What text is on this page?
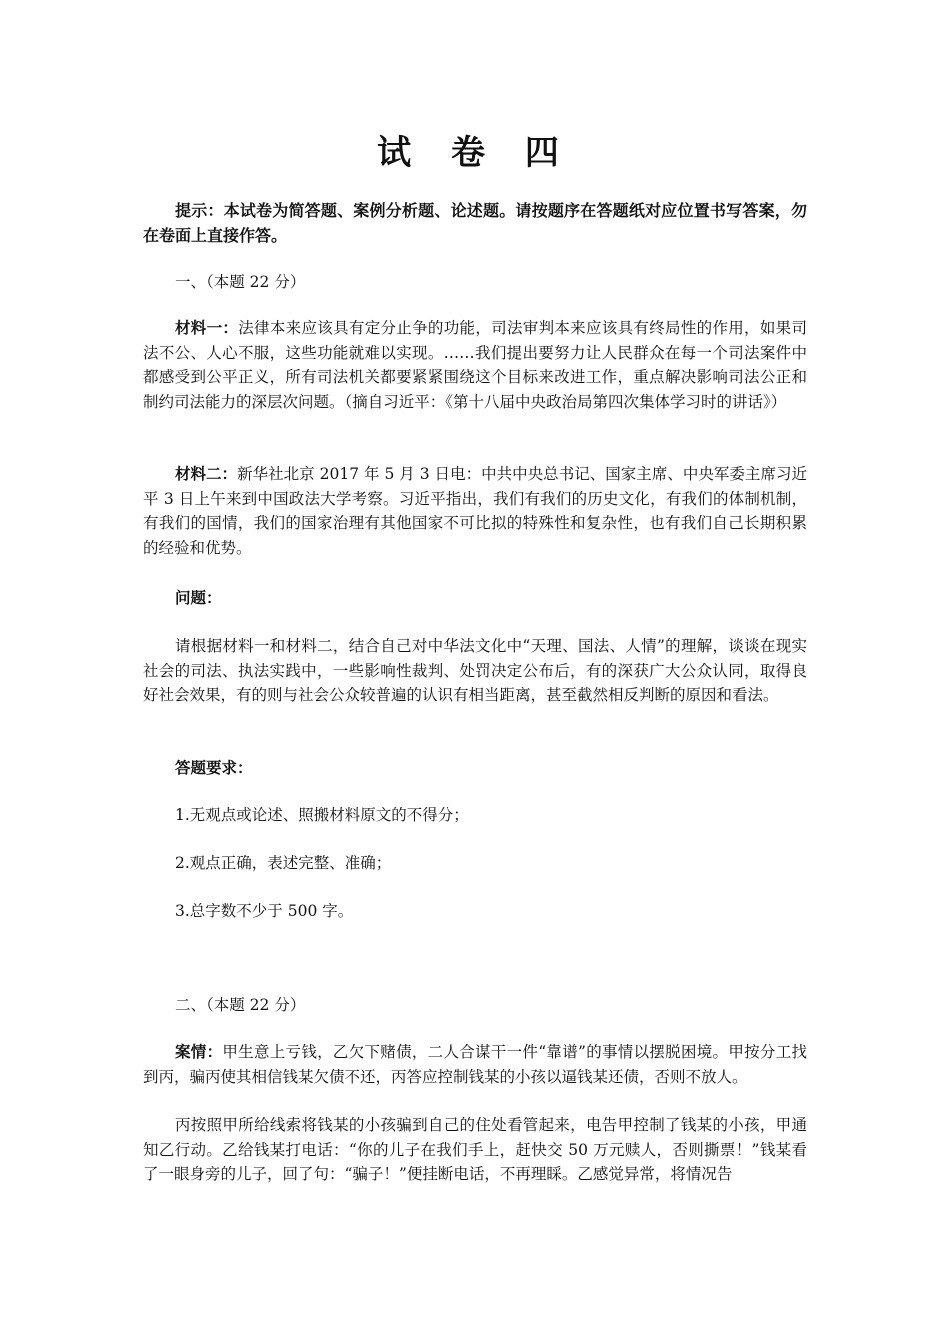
试 卷 四
提示：本试卷为简答题、案例分析题、论述题。请按题序在答题纸对应位置书写答案，勿在卷面上直接作答。
一、（本题 22 分）
材料一：法律本来应该具有定分止争的功能，司法审判本来应该具有终局性的作用，如果司法不公、人心不服，这些功能就难以实现。……我们提出要努力让人民群众在每一个司法案件中都感受到公平正义，所有司法机关都要紧紧围绕这个目标来改进工作，重点解决影响司法公正和制约司法能力的深层次问题。（摘自习近平：《第十八届中央政治局第四次集体学习时的讲话》）
材料二：新华社北京 2017 年 5 月 3 日电：中共中央总书记、国家主席、中央军委主席习近平 3 日上午来到中国政法大学考察。习近平指出，我们有我们的历史文化，有我们的体制机制，有我们的国情，我们的国家治理有其他国家不可比拟的特殊性和复杂性，也有我们自己长期积累的经验和优势。
问题：
请根据材料一和材料二，结合自己对中华法文化中“天理、国法、人情”的理解，谈谈在现实社会的司法、执法实践中，一些影响性裁判、处罚决定公布后，有的深获广大公众认同，取得良好社会效果，有的则与社会公众较普遍的认识有相当距离，甚至截然相反判断的原因和看法。
答题要求：
1.无观点或论述、照搬材料原文的不得分；
2.观点正确，表述完整、准确；
3.总字数不少于 500 字。
二、（本题 22 分）
案情：甲生意上亏钱，乙欠下赌债，二人合谋干一件“靠谱”的事情以摆脱困境。甲按分工找到丙，骗丙使其相信钱某欠债不还，丙答应控制钱某的小孩以逼钱某还债，否则不放人。
丙按照甲所给线索将钱某的小孩骗到自己的住处看管起来，电告甲控制了钱某的小孩，甲通知乙行动。乙给钱某打电话：“你的儿子在我们手上，赶快交 50 万元赎人，否则撕票！”钱某看了一眼身旁的儿子，回了句：“骗子！”便挂断电话，不再理睬。乙感觉异常，将情况告
